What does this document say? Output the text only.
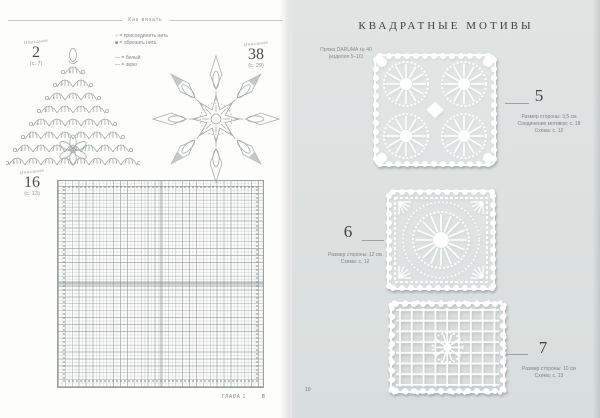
Как вязать
○ = присоединить нить
■ = обрезать нить
— = белый
— = экрю
Описание
2
(с. 7)
8
7
6
5
4
3
2
1
Описание
38
(с. 29)
Описание
16
(с. 13)
ГЛАВА 1	8
КВАДРАТНЫЕ МОТИВЫ
Пряжа DARUMA № 40
(изделия 5–10)
5
Размер стороны: 3,5 см
Соединение мотивов: с. 18
Схема: с. 12
6
Размер стороны: 12 см
Схема: с. 12
7
Размер стороны: 10 см
Схема: с. 13
10
